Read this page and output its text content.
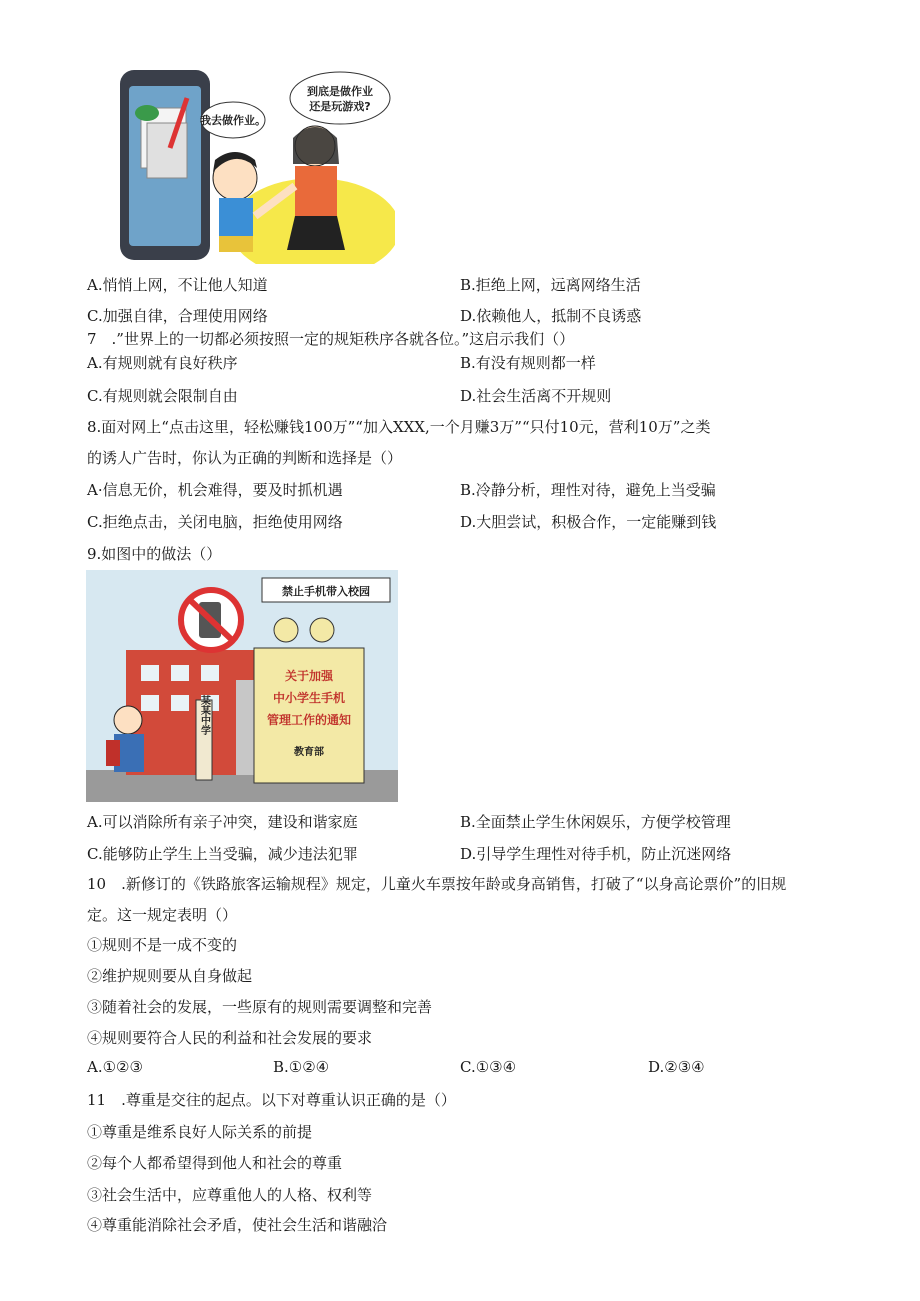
我去做作业。
到底是做作业
还是玩游戏?
A.悄悄上网，不让他人知道	B.拒绝上网，远离网络生活
C.加强自律，合理使用网络	D.依赖他人，抵制不良诱惑
7　.”世界上的一切都必须按照一定的规矩秩序各就各位。”这启示我们（）
A.有规则就有良好秩序	B.有没有规则都一样
C.有规则就会限制自由	D.社会生活离不开规则
8.面对网上“点击这里，轻松赚钱100万”“加入XXX,一个月赚3万”“只付10元，营利10万”之类
的诱人广告时，你认为正确的判断和选择是（）
A·信息无价，机会难得，要及时抓机遇	B.冷静分析，理性对待，避免上当受骗
C.拒绝点击，关闭电脑，拒绝使用网络	D.大胆尝试，积极合作，一定能赚到钱
9.如图中的做法（）
某某中学
禁止手机带入校园
关于加强
中小学生手机
管理工作的通知
教育部
A.可以消除所有亲子冲突，建设和谐家庭	B.全面禁止学生休闲娱乐，方便学校管理
C.能够防止学生上当受骗，减少违法犯罪	D.引导学生理性对待手机，防止沉迷网络
10　.新修订的《铁路旅客运输规程》规定，儿童火车票按年龄或身高销售，打破了“以身高论票价”的旧规
定。这一规定表明（）
①规则不是一成不变的
②维护规则要从自身做起
③随着社会的发展，一些原有的规则需要调整和完善
④规则要符合人民的利益和社会发展的要求
A.①②③	B.①②④	C.①③④	D.②③④
11　.尊重是交往的起点。以下对尊重认识正确的是（）
①尊重是维系良好人际关系的前提
②每个人都希望得到他人和社会的尊重
③社会生活中，应尊重他人的人格、权利等
④尊重能消除社会矛盾，使社会生活和谐融洽
